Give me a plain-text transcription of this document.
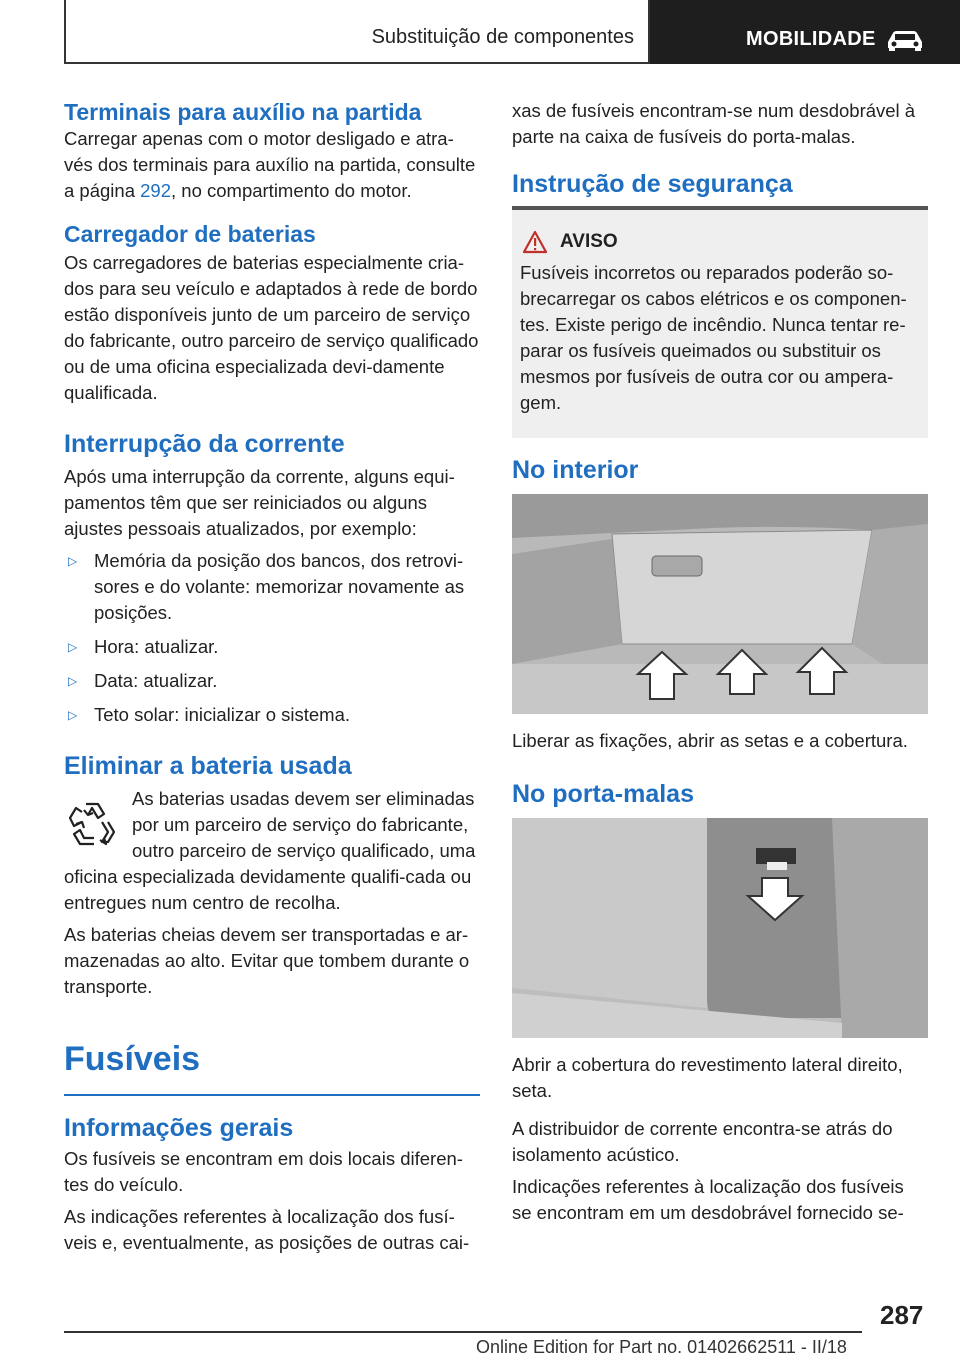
Substituição de componentes	MOBILIDADE
Terminais para auxílio na partida

Carregar apenas com o motor desligado e atra-vés dos terminais para auxílio na partida, consulte a página 292, no compartimento do motor.

Carregador de baterias

Os carregadores de baterias especialmente cria-dos para seu veículo e adaptados à rede de bordo estão disponíveis junto de um parceiro de serviço do fabricante, outro parceiro de serviço qualificado ou de uma oficina especializada devi-damente qualificada.

Interrupção da corrente

Após uma interrupção da corrente, alguns equi-pamentos têm que ser reiniciados ou alguns ajustes pessoais atualizados, por exemplo:

▷ Memória da posição dos bancos, dos retrovi-sores e do volante: memorizar novamente as posições.
▷ Hora: atualizar.
▷ Data: atualizar.
▷ Teto solar: inicializar o sistema.
Eliminar a bateria usada

As baterias usadas devem ser eliminadas por um parceiro de serviço do fabricante, outro parceiro de serviço qualificado, uma oficina especializada devidamente qualifi-cada ou entregues num centro de recolha.

As baterias cheias devem ser transportadas e ar-mazenadas ao alto. Evitar que tombem durante o transporte.

Fusíveis
Informações gerais

Os fusíveis se encontram em dois locais diferen-tes do veículo.

As indicações referentes à localização dos fusí-veis e, eventualmente, as posições de outras cai-

xas de fusíveis encontram-se num desdobrável à parte na caixa de fusíveis do porta-malas.

Instrução de segurança
AVISO

Fusíveis incorretos ou reparados poderão so-brecarregar os cabos elétricos e os componen-tes. Existe perigo de incêndio. Nunca tentar re-parar os fusíveis queimados ou substituir os mesmos por fusíveis de outra cor ou ampera-gem.

No interior

Liberar as fixações, abrir as setas e a cobertura.

No porta-malas

Abrir a cobertura do revestimento lateral direito, seta.

A distribuidor de corrente encontra-se atrás do isolamento acústico.

Indicações referentes à localização dos fusíveis se encontram em um desdobrável fornecido se-

287
Online Edition for Part no. 01402662511 - II/18
